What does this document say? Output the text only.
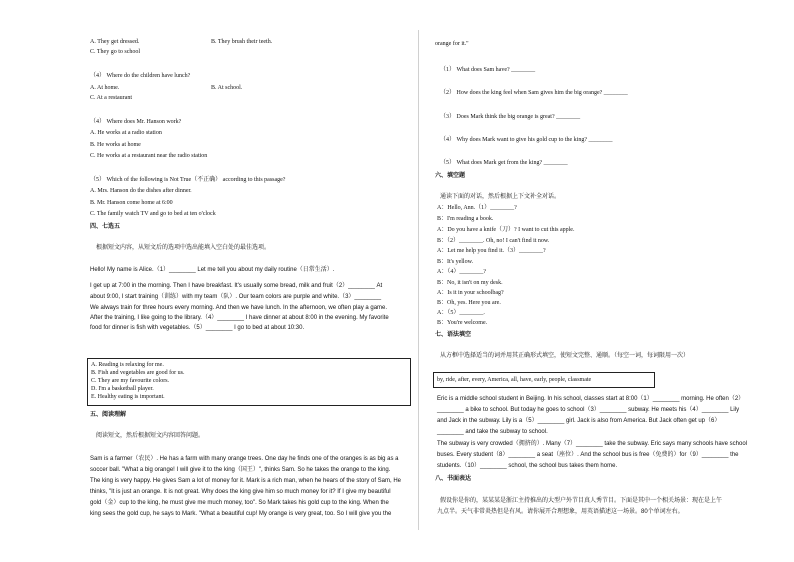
A. They get dressed.	B. They brush their teeth.
C. They go to school
（4） Where do the children have lunch?
A. At home.	B. At school.
C. At a restaurant
（4） Where does Mr. Hanson work?
A. He works at a radio station
B. He works at home
C. He works at a restaurant near the radio station
（5） Which of the following is Not True（不正确） according to this passage?
A. Mrs. Hanson do the dishes after dinner.
B. Mr. Hanson come home at 6:00
C. The family watch TV and go to bed at ten o'clock
四、七选五
根据短文内容，从短文后的选项中选出能填入空白处的最佳选项。
Hello! My name is Alice.（1）________ Let me tell you about my daily routine（日常生活）.
I get up at 7:00 in the morning. Then I have breakfast. It's usually some bread, milk and fruit（2）________ At
about 9:00, I start training（训练）with my team（队）. Our team colors are purple and white.（3）________
We always train for three hours every morning. And then we have lunch. In the afternoon, we often play a game.
After the training, I like going to the library.（4）________ I have dinner at about 8:00 in the evening. My favorite
food for dinner is fish with vegetables.（5）________ I go to bed at about 10:30.
A. Reading is relaxing for me.
B. Fish and vegetables are good for us.
C. They are my favourite colors.
D. I'm a basketball player.
E. Healthy eating is important.
五、阅读理解
阅读短文，然后根据短文内容回答问题。
Sam is a farmer（农民）. He has a farm with many orange trees. One day he finds one of the oranges is as big as a
soccer ball. "What a big orange! I will give it to the king（国王）", thinks Sam. So he takes the orange to the king.
The king is very happy. He gives Sam a lot of money for it. Mark is a rich man, when he hears of the story of Sam, He
thinks, "It is just an orange. It is not great. Why does the king give him so much money for it? If I give my beautiful
gold（金）cup to the king, he must give me much money, too". So Mark takes his gold cup to the king. When the
king sees the gold cup, he says to Mark. "What a beautiful cup! My orange is very great, too. So I will give you the
orange for it."
（1） What does Sam have? ________
（2） How does the king feel when Sam gives him the big orange? ________
（3） Does Mark think the big orange is great? ________
（4） Why does Mark want to give his gold cup to the king? ________
（5） What does Mark get from the king? ________
六、填空题
通读下面的对话，然后根据上下文补全对话。
A：Hello, Ann.（1）________?
B：I'm reading a book.
A：Do you have a knife（刀）? I want to cut this apple.
B：（2）________. Oh, no! I can't find it now.
A：Let me help you find it.（3）________?
B：It's yellow.
A：（4）________?
B：No, it isn't on my desk.
A：Is it in your schoolbag?
B：Oh, yes. Here you are.
A：（5）________.
B：You're welcome.
七、语法填空
从方框中选择适当的词并用其正确形式填空，使短文完整、通顺。（每空一词，每词限用一次）
by, ride, after, every, America, all, have, early, people, classmate
Eric is a middle school student in Beijing. In his school, classes start at 8:00（1）________ morning. He often（2）
________ a bike to school. But today he goes to school（3）________ subway. He meets his（4）________ Lily
and Jack in the subway. Lily is a（5）________ girl. Jack is also from America. But Jack often get up（6）
________ and take the subway to school.
The subway is very crowded（拥挤的）. Many（7）________ take the subway. Eric says many schools have school
buses. Every student（8）________ a seat（座位）. And the school bus is free（免费的）for（9）________ the
students.（10）________ school, the school bus takes them home.
八、书面表达
假设你是你的，某某某是浙江主持推出的大型户外节目真人秀节目。下面是其中一个相关场景：现在是上午
九点半。天气非常炎热但是有风。请你展开合理想象，用英语描述这一场景。80个单词左右。
